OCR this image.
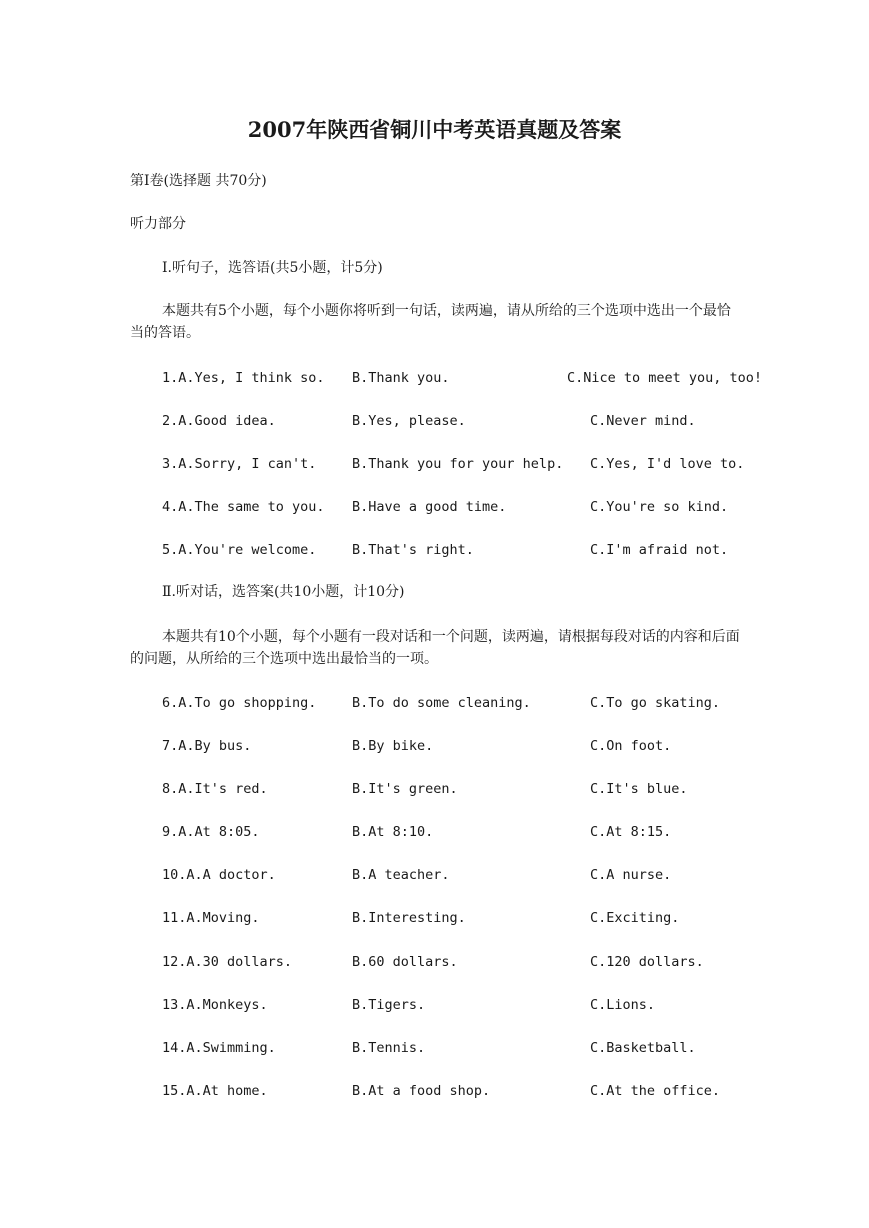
2007年陕西省铜川中考英语真题及答案
第Ⅰ卷(选择题 共70分)
听力部分
Ⅰ.听句子，选答语(共5小题，计5分)
本题共有5个小题，每个小题你将听到一句话，读两遍，请从所给的三个选项中选出一个最恰当的答语。
1.A.Yes, I think so. B.Thank you.	C.Nice to meet you, too!
2.A.Good idea.	B.Yes, please.	C.Never mind.
3.A.Sorry, I can't.	B.Thank you for your help. C.Yes, I'd love to.
4.A.The same to you. B.Have a good time.	C.You're so kind.
5.A.You're welcome.	B.That's right.	C.I'm afraid not.
Ⅱ.听对话，选答案(共10小题，计10分)
本题共有10个小题，每个小题有一段对话和一个问题，读两遍，请根据每段对话的内容和后面的问题，从所给的三个选项中选出最恰当的一项。
6.A.To go shopping.	B.To do some cleaning.	C.To go skating.
7.A.By bus.	B.By bike.	C.On foot.
8.A.It's red.	B.It's green.	C.It's blue.
9.A.At 8:05.	B.At 8:10.	C.At 8:15.
10.A.A doctor.	B.A teacher.	C.A nurse.
11.A.Moving.	B.Interesting.	C.Exciting.
12.A.30 dollars.	B.60 dollars.	C.120 dollars.
13.A.Monkeys.	B.Tigers.	C.Lions.
14.A.Swimming.	B.Tennis.	C.Basketball.
15.A.At home.	B.At a food shop.	C.At the office.
